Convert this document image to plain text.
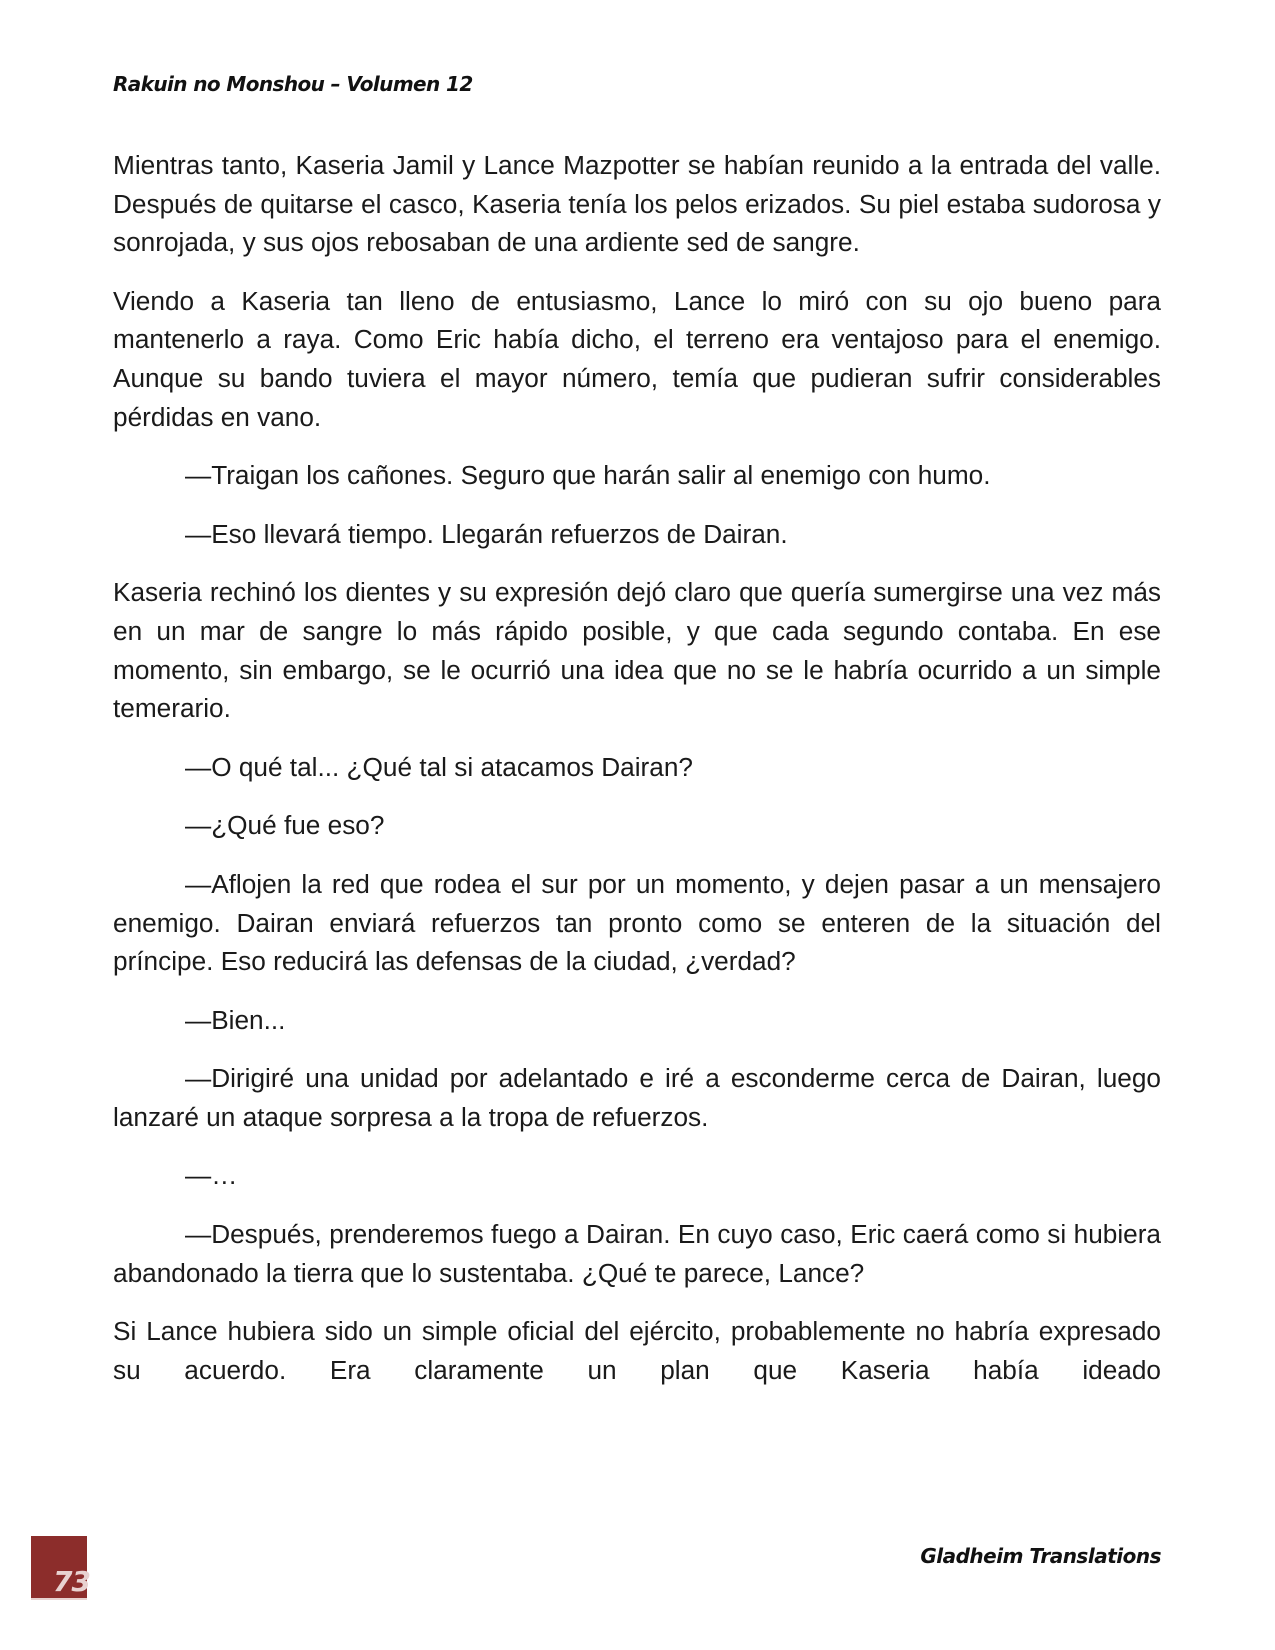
Rakuin no Monshou – Volumen 12

Mientras tanto, Kaseria Jamil y Lance Mazpotter se habían reunido a la entrada del valle. Después de quitarse el casco, Kaseria tenía los pelos erizados. Su piel estaba sudorosa y sonrojada, y sus ojos rebosaban de una ardiente sed de sangre.

Viendo a Kaseria tan lleno de entusiasmo, Lance lo miró con su ojo bueno para mantenerlo a raya. Como Eric había dicho, el terreno era ventajoso para el enemigo. Aunque su bando tuviera el mayor número, temía que pudieran sufrir considerables pérdidas en vano.

—Traigan los cañones. Seguro que harán salir al enemigo con humo.

—Eso llevará tiempo. Llegarán refuerzos de Dairan.

Kaseria rechinó los dientes y su expresión dejó claro que quería sumergirse una vez más en un mar de sangre lo más rápido posible, y que cada segundo contaba. En ese momento, sin embargo, se le ocurrió una idea que no se le habría ocurrido a un simple temerario.

—O qué tal... ¿Qué tal si atacamos Dairan?

—¿Qué fue eso?

—Aflojen la red que rodea el sur por un momento, y dejen pasar a un mensajero enemigo. Dairan enviará refuerzos tan pronto como se enteren de la situación del príncipe. Eso reducirá las defensas de la ciudad, ¿verdad?

—Bien...

—Dirigiré una unidad por adelantado e iré a esconderme cerca de Dairan, luego lanzaré un ataque sorpresa a la tropa de refuerzos.

—…

—Después, prenderemos fuego a Dairan. En cuyo caso, Eric caerá como si hubiera abandonado la tierra que lo sustentaba. ¿Qué te parece, Lance?

Si Lance hubiera sido un simple oficial del ejército, probablemente no habría expresado su acuerdo. Era claramente un plan que Kaseria había ideado

73
Gladheim Translations
